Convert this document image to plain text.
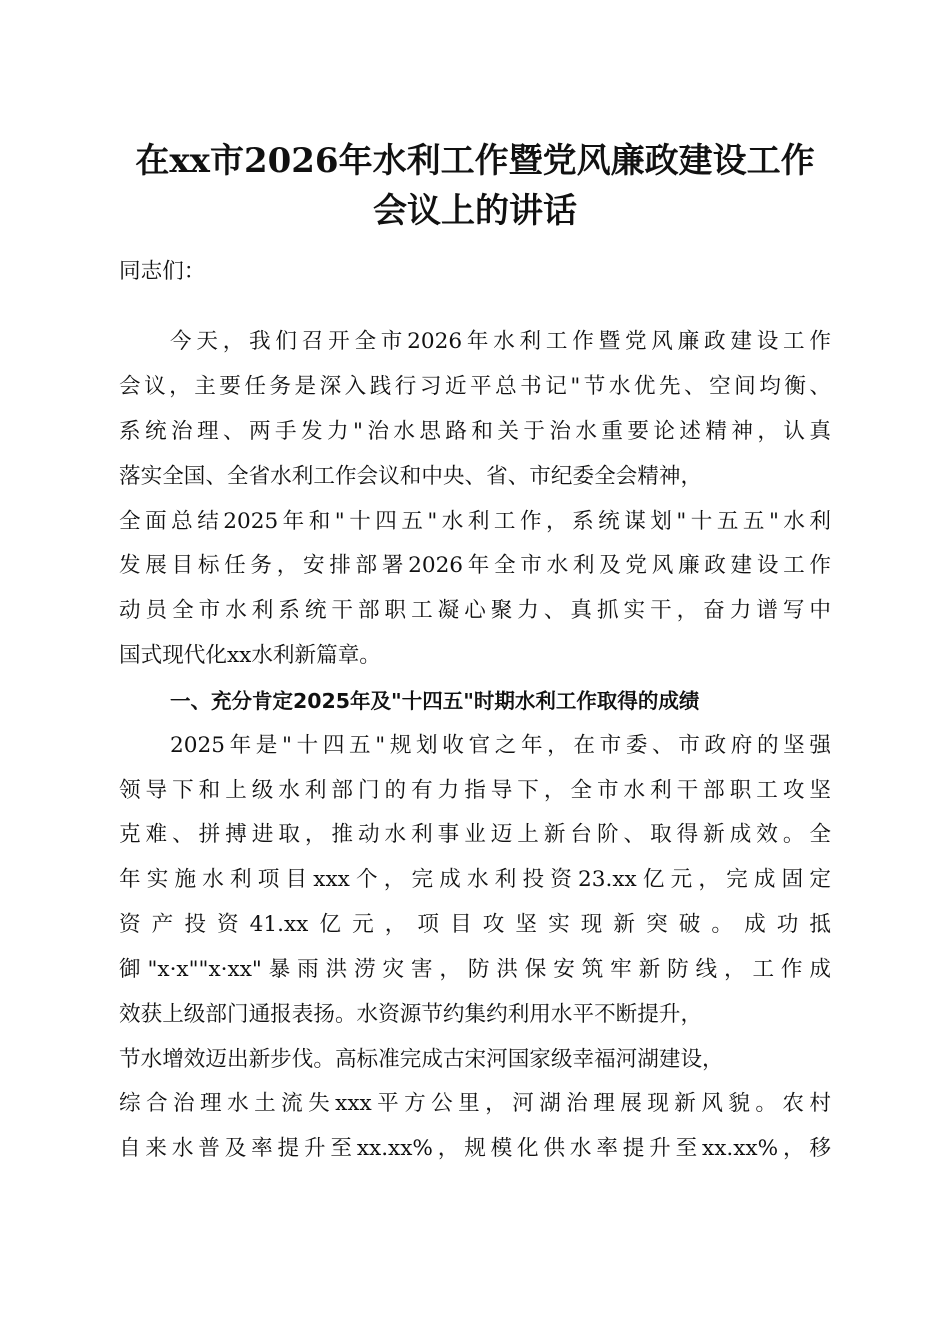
在xx市2026年水利工作暨党风廉政建设工作
会议上的讲话

同志们：

今天，我们召开全市2026年水利工作暨党风廉政建设工作

会议，主要任务是深入践行习近平总书记"节水优先、空间均衡、

系统治理、两手发力"治水思路和关于治水重要论述精神，认真

落实全国、全省水利工作会议和中央、省、市纪委全会精神，

全面总结2025年和"十四五"水利工作，系统谋划"十五五"水利

发展目标任务，安排部署2026年全市水利及党风廉政建设工作

动员全市水利系统干部职工凝心聚力、真抓实干，奋力谱写中

国式现代化xx水利新篇章。

一、充分肯定2025年及"十四五"时期水利工作取得的成绩

2025年是"十四五"规划收官之年，在市委、市政府的坚强

领导下和上级水利部门的有力指导下，全市水利干部职工攻坚

克难、拼搏进取，推动水利事业迈上新台阶、取得新成效。全

年实施水利项目xxx个，完成水利投资23.xx亿元，完成固定

资产投资41.xx亿元，项目攻坚实现新突破。成功抵

御"x·x""x·xx"暴雨洪涝灾害，防洪保安筑牢新防线，工作成

效获上级部门通报表扬。水资源节约集约利用水平不断提升，

节水增效迈出新步伐。高标准完成古宋河国家级幸福河湖建设，

综合治理水土流失xxx平方公里，河湖治理展现新风貌。农村

自来水普及率提升至xx.xx%，规模化供水率提升至xx.xx%，移
